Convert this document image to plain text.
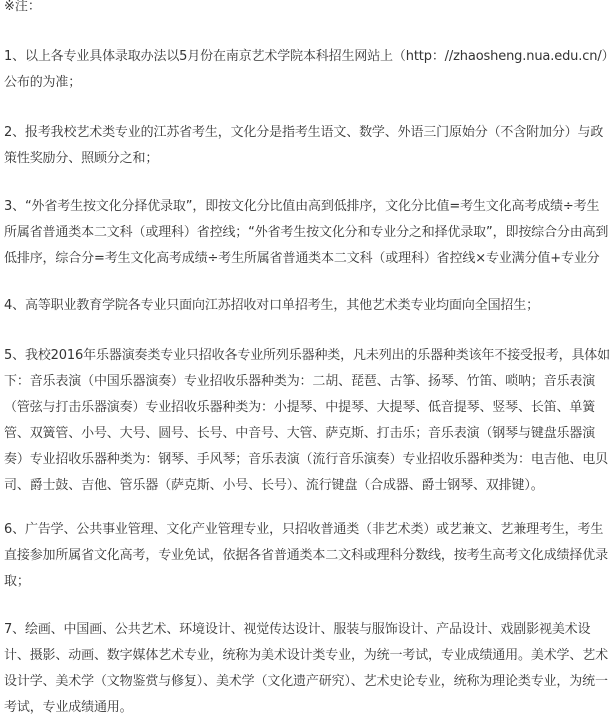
※注：

1、以上各专业具体录取办法以5月份在南京艺术学院本科招生网站上（http：//zhaosheng.nua.edu.cn/）公布的为准；

2、报考我校艺术类专业的江苏省考生，文化分是指考生语文、数学、外语三门原始分（不含附加分）与政策性奖励分、照顾分之和；

3、“外省考生按文化分择优录取”，即按文化分比值由高到低排序，文化分比值=考生文化高考成绩÷考生所属省普通类本二文科（或理科）省控线；“外省考生按文化分和专业分之和择优录取”，即按综合分由高到低排序，综合分=考生文化高考成绩÷考生所属省普通类本二文科（或理科）省控线×专业满分值+专业分

4、高等职业教育学院各专业只面向江苏招收对口单招考生，其他艺术类专业均面向全国招生；

5、我校2016年乐器演奏类专业只招收各专业所列乐器种类，凡未列出的乐器种类该年不接受报考，具体如下：音乐表演（中国乐器演奏）专业招收乐器种类为：二胡、琵琶、古筝、扬琴、竹笛、唢呐；音乐表演（管弦与打击乐器演奏）专业招收乐器种类为：小提琴、中提琴、大提琴、低音提琴、竖琴、长笛、单簧管、双簧管、小号、大号、圆号、长号、中音号、大管、萨克斯、打击乐；音乐表演（钢琴与键盘乐器演奏）专业招收乐器种类为：钢琴、手风琴；音乐表演（流行音乐演奏）专业招收乐器种类为：电吉他、电贝司、爵士鼓、吉他、管乐器（萨克斯、小号、长号）、流行键盘（合成器、爵士钢琴、双排键）。

6、广告学、公共事业管理、文化产业管理专业，只招收普通类（非艺术类）或艺兼文、艺兼理考生，考生直接参加所属省文化高考，专业免试，依据各省普通类本二文科或理科分数线，按考生高考文化成绩择优录取；

7、绘画、中国画、公共艺术、环境设计、视觉传达设计、服装与服饰设计、产品设计、戏剧影视美术设计、摄影、动画、数字媒体艺术专业，统称为美术设计类专业，为统一考试，专业成绩通用。美术学、艺术设计学、美术学（文物鉴赏与修复）、美术学（文化遗产研究）、艺术史论专业，统称为理论类专业，为统一考试，专业成绩通用。
